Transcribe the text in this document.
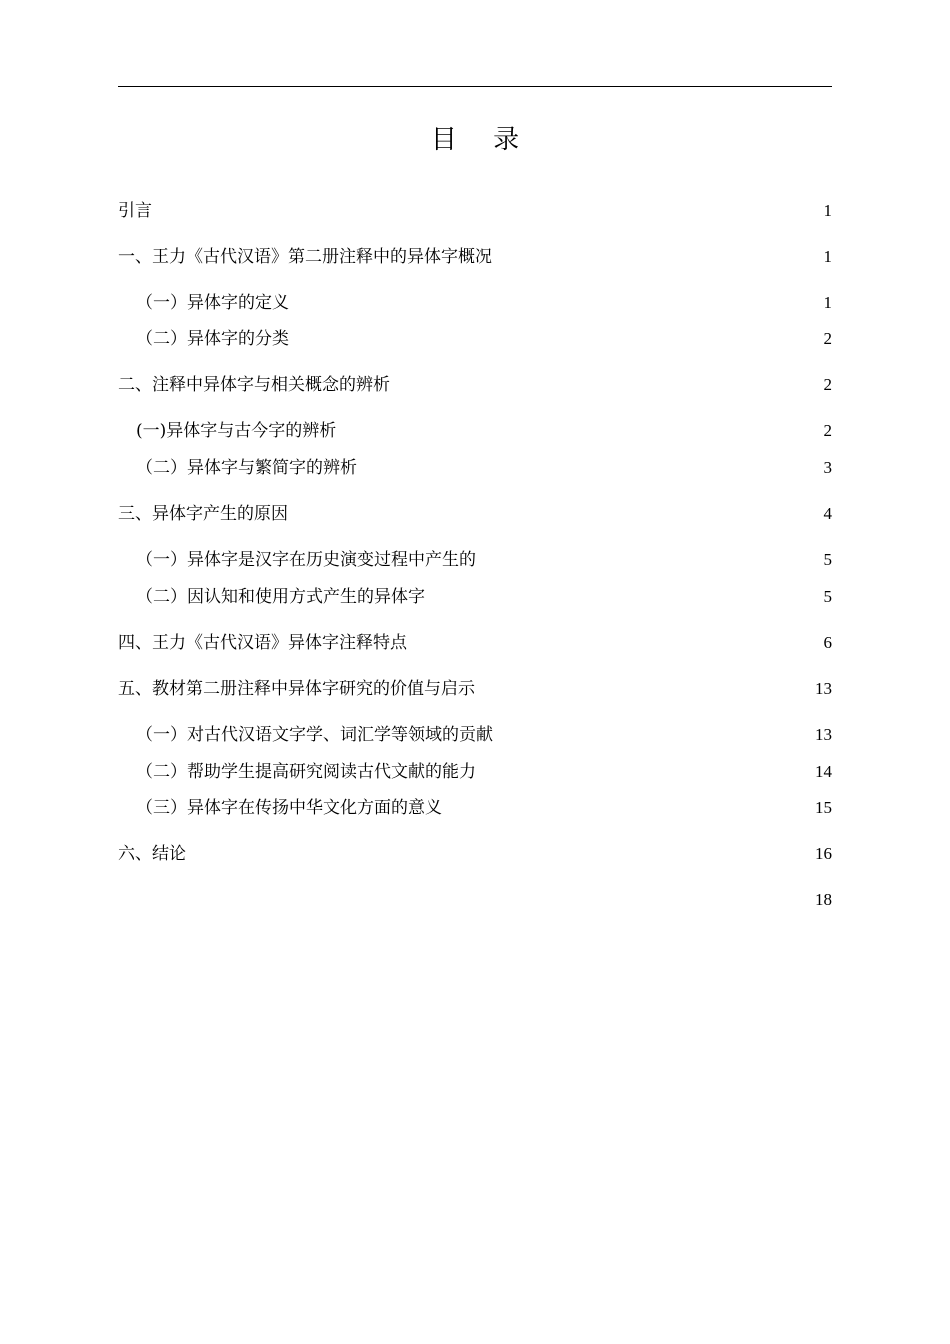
目 录
引言	1
一、王力《古代汉语》第二册注释中的异体字概况	1
（一）异体字的定义	1
（二）异体字的分类	2
二、注释中异体字与相关概念的辨析	2
(一)异体字与古今字的辨析	2
（二）异体字与繁简字的辨析	3
三、异体字产生的原因	4
（一）异体字是汉字在历史演变过程中产生的	5
（二）因认知和使用方式产生的异体字	5
四、王力《古代汉语》异体字注释特点	6
五、教材第二册注释中异体字研究的价值与启示	13
（一）对古代汉语文字学、词汇学等领域的贡献	13
（二）帮助学生提高研究阅读古代文献的能力	14
（三）异体字在传扬中华文化方面的意义	15
六、结论	16
18
